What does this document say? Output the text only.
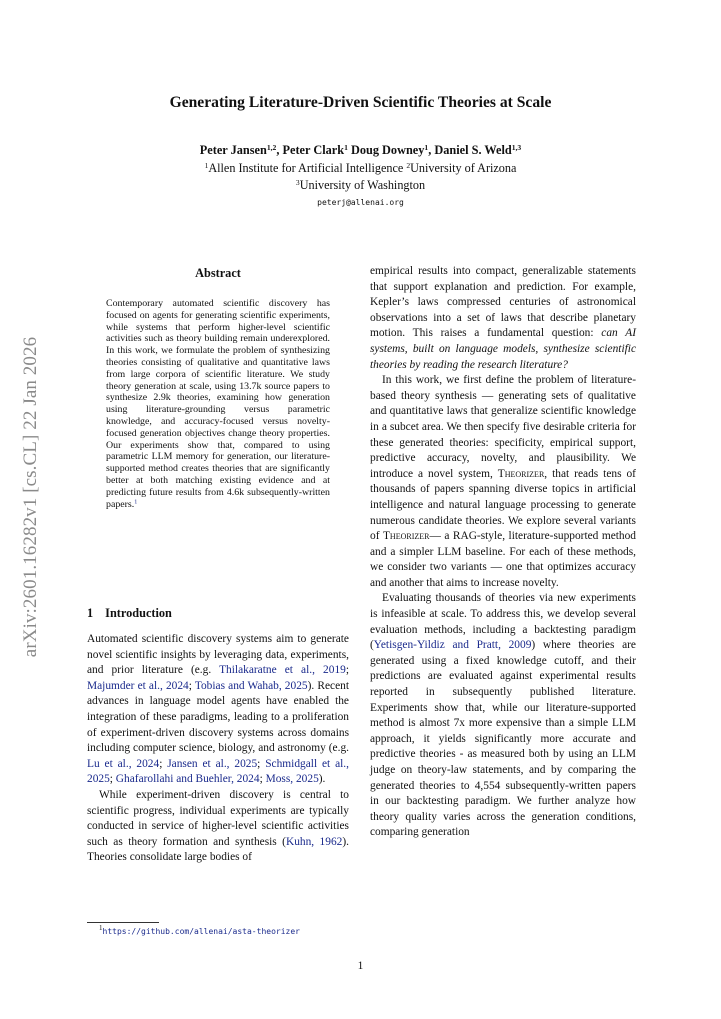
Generating Literature-Driven Scientific Theories at Scale
Peter Jansen$^{1,2}$, Peter Clark$^1$ Doug Downey$^1$, Daniel S. Weld$^{1,3}$
$^1$Allen Institute for Artificial Intelligence $^2$University of Arizona
$^3$University of Washington
peterj@allenai.org
arXiv:2601.16282v1 [cs.CL] 22 Jan 2026
Abstract
Contemporary automated scientific discovery has focused on agents for generating scientific experiments, while systems that perform higher-level scientific activities such as theory building remain underexplored. In this work, we formulate the problem of synthesizing theories consisting of qualitative and quantitative laws from large corpora of scientific literature. We study theory generation at scale, using 13.7k source papers to synthesize 2.9k theories, examining how generation using literature-grounding versus parametric knowledge, and accuracy-focused versus novelty-focused generation objectives change theory properties. Our experiments show that, compared to using parametric LLM memory for generation, our literature-supported method creates theories that are significantly better at both matching existing evidence and at predicting future results from 4.6k subsequently-written papers.$^1$
1 Introduction

Automated scientific discovery systems aim to generate novel scientific insights by leveraging data, experiments, and prior literature (e.g. Thilakaratne et al., 2019; Majumder et al., 2024; Tobias and Wahab, 2025). Recent advances in language model agents have enabled the integration of these paradigms, leading to a proliferation of experiment-driven discovery systems across domains including computer science, biology, and astronomy (e.g. Lu et al., 2024; Jansen et al., 2025; Schmidgall et al., 2025; Ghafarollahi and Buehler, 2024; Moss, 2025).

While experiment-driven discovery is central to scientific progress, individual experiments are typically conducted in service of higher-level scientific activities such as theory formation and synthesis (Kuhn, 1962). Theories consolidate large bodies of

$^1$https://github.com/allenai/asta-theorizer

empirical results into compact, generalizable statements that support explanation and prediction. For example, Kepler’s laws compressed centuries of astronomical observations into a set of laws that describe planetary motion. This raises a fundamental question: can AI systems, built on language models, synthesize scientific theories by reading the research literature?

In this work, we first define the problem of literature-based theory synthesis — generating sets of qualitative and quantitative laws that generalize scientific knowledge in a subcet area. We then specify five desirable criteria for these generated theories: specificity, empirical support, predictive accuracy, novelty, and plausibility. We introduce a novel system, Theorizer, that reads tens of thousands of papers spanning diverse topics in artificial intelligence and natural language processing to generate numerous candidate theories. We explore several variants of Theorizer— a RAG-style, literature-supported method and a simpler LLM baseline. For each of these methods, we consider two variants — one that optimizes accuracy and another that aims to increase novelty.

Evaluating thousands of theories via new experiments is infeasible at scale. To address this, we develop several evaluation methods, including a backtesting paradigm (Yetisgen-Yildiz and Pratt, 2009) where theories are generated using a fixed knowledge cutoff, and their predictions are evaluated against experimental results reported in subsequently published literature. Experiments show that, while our literature-supported method is almost 7x more expensive than a simple LLM approach, it yields significantly more accurate and predictive theories - as measured both by using an LLM judge on theory-law statements, and by comparing the generated theories to 4,554 subsequently-written papers in our backtesting paradigm. We further analyze how theory quality varies across the generation conditions, comparing generation

1
